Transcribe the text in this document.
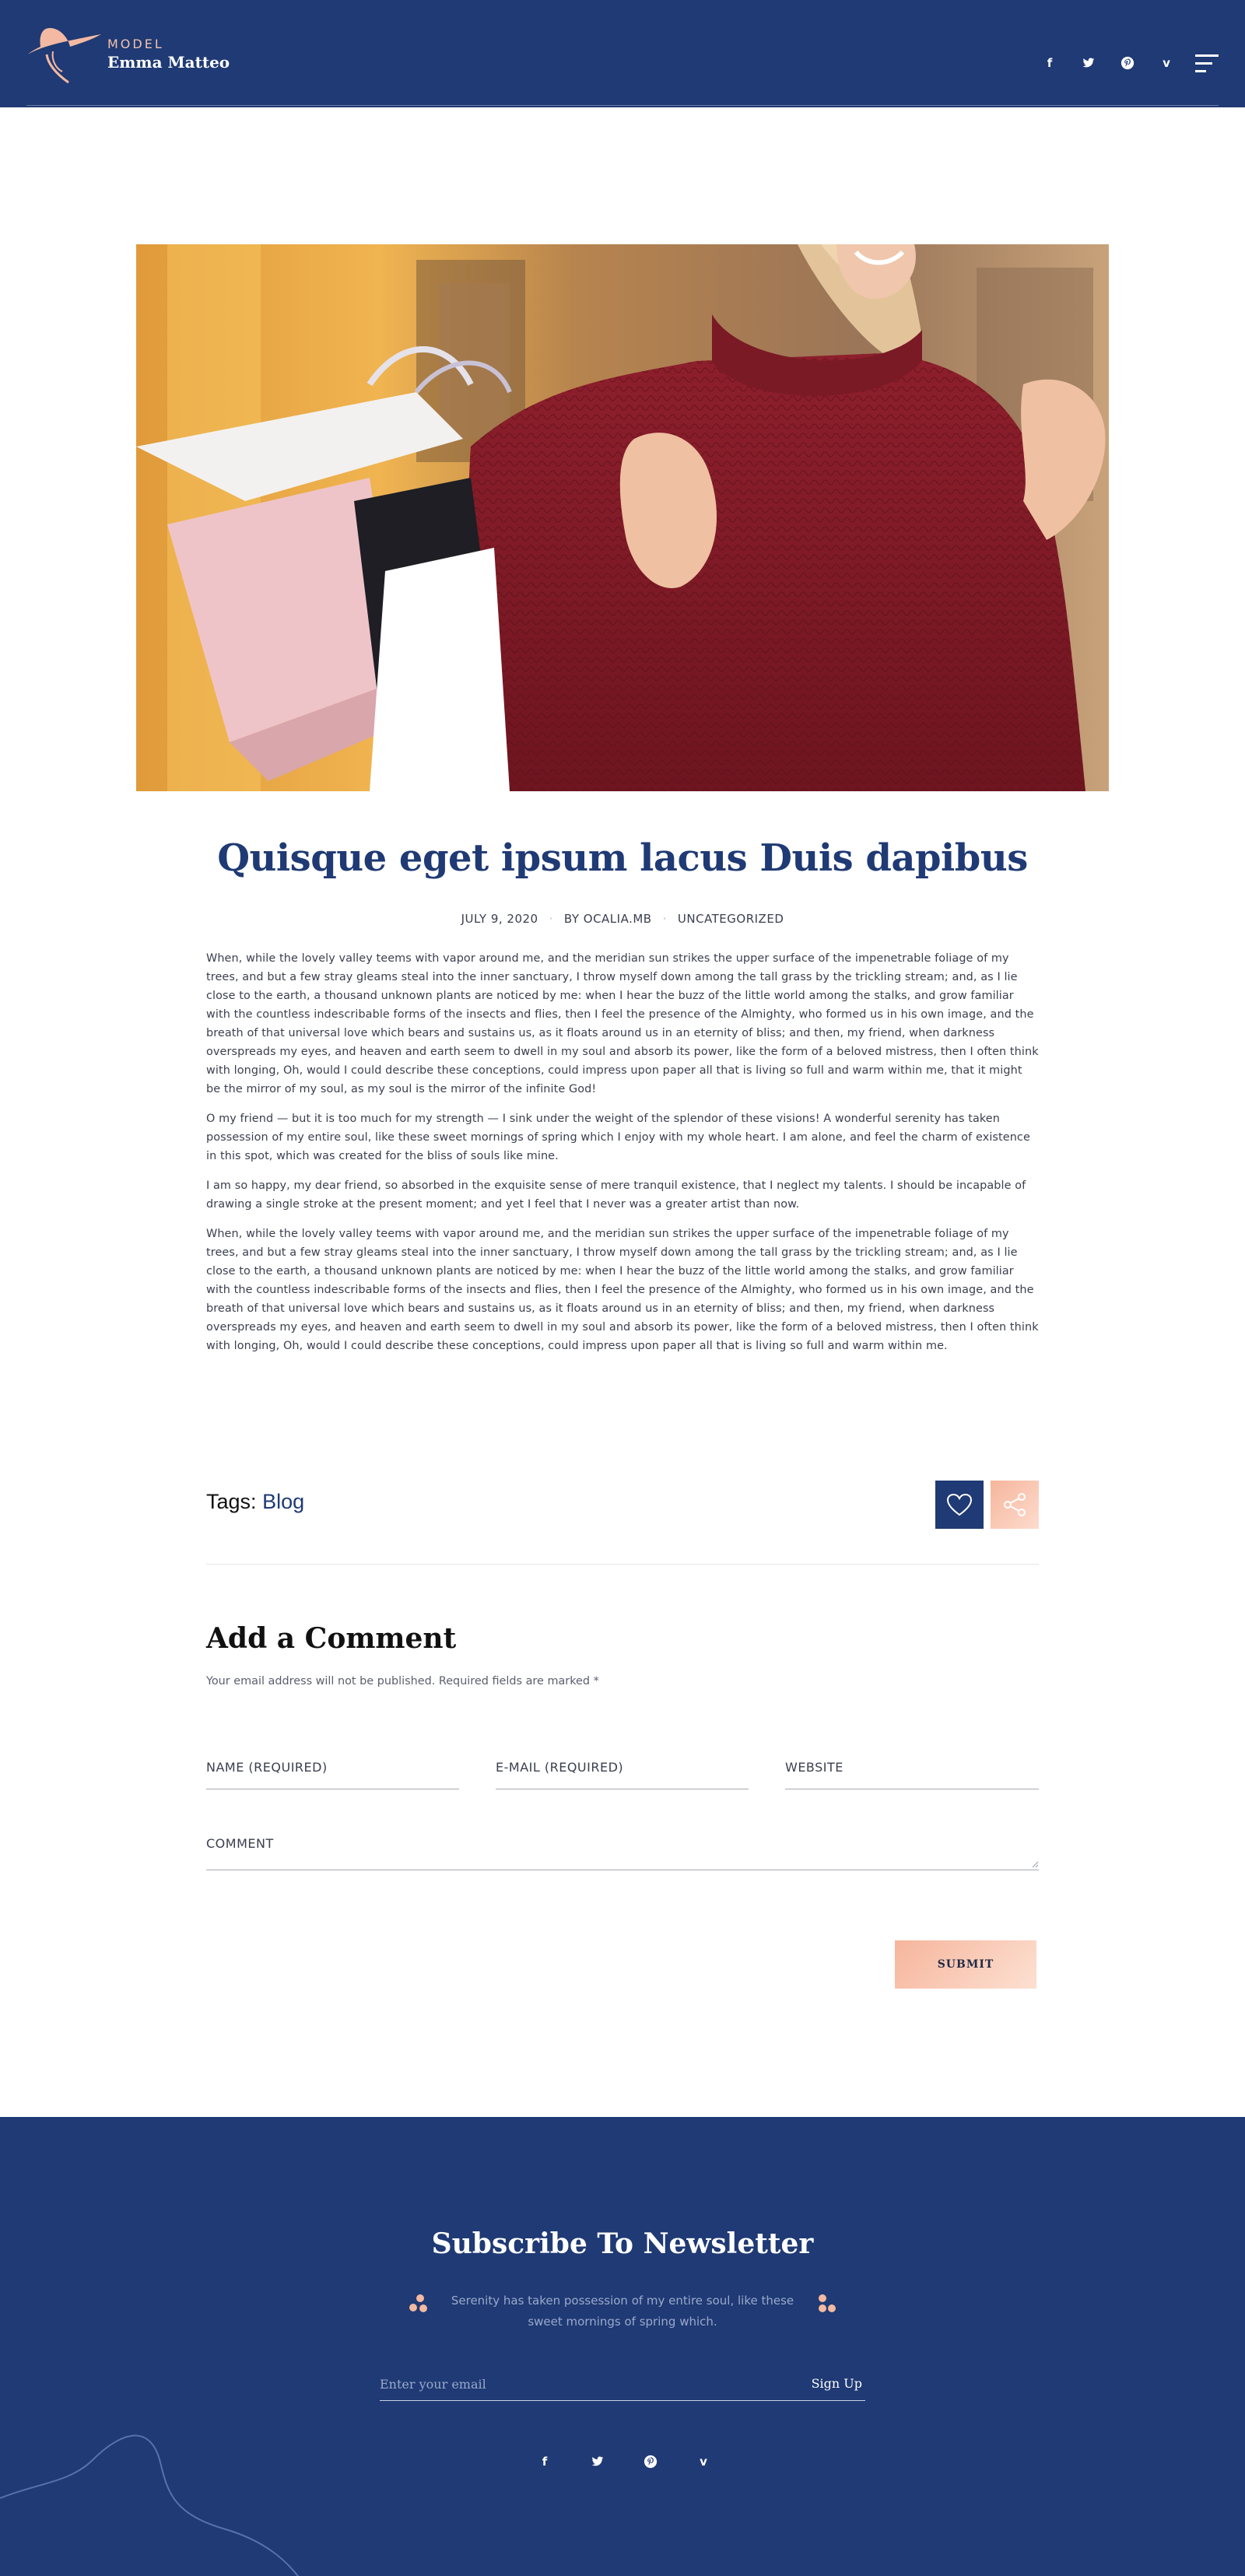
MODEL
Emma Matteo	f	v
Quisque eget ipsum lacus Duis dapibus
JULY 9, 2020 · BY OCALIA.MB · UNCATEGORIZED

When, while the lovely valley teems with vapor around me, and the meridian sun strikes the upper surface of the impenetrable foliage of my trees, and but a few stray gleams steal into the inner sanctuary, I throw myself down among the tall grass by the trickling stream; and, as I lie close to the earth, a thousand unknown plants are noticed by me: when I hear the buzz of the little world among the stalks, and grow familiar with the countless indescribable forms of the insects and flies, then I feel the presence of the Almighty, who formed us in his own image, and the breath of that universal love which bears and sustains us, as it floats around us in an eternity of bliss; and then, my friend, when darkness overspreads my eyes, and heaven and earth seem to dwell in my soul and absorb its power, like the form of a beloved mistress, then I often think with longing, Oh, would I could describe these conceptions, could impress upon paper all that is living so full and warm within me, that it might be the mirror of my soul, as my soul is the mirror of the infinite God!

O my friend — but it is too much for my strength — I sink under the weight of the splendor of these visions! A wonderful serenity has taken possession of my entire soul, like these sweet mornings of spring which I enjoy with my whole heart. I am alone, and feel the charm of existence in this spot, which was created for the bliss of souls like mine.

I am so happy, my dear friend, so absorbed in the exquisite sense of mere tranquil existence, that I neglect my talents. I should be incapable of drawing a single stroke at the present moment; and yet I feel that I never was a greater artist than now.

When, while the lovely valley teems with vapor around me, and the meridian sun strikes the upper surface of the impenetrable foliage of my trees, and but a few stray gleams steal into the inner sanctuary, I throw myself down among the tall grass by the trickling stream; and, as I lie close to the earth, a thousand unknown plants are noticed by me: when I hear the buzz of the little world among the stalks, and grow familiar with the countless indescribable forms of the insects and flies, then I feel the presence of the Almighty, who formed us in his own image, and the breath of that universal love which bears and sustains us, as it floats around us in an eternity of bliss; and then, my friend, when darkness overspreads my eyes, and heaven and earth seem to dwell in my soul and absorb its power, like the form of a beloved mistress, then I often think with longing, Oh, would I could describe these conceptions, could impress upon paper all that is living so full and warm within me.

Tags: Blog
Add a Comment

Your email address will not be published. Required fields are marked *

NAME (REQUIRED)
E-MAIL (REQUIRED)
WEBSITE
COMMENT
SUBMIT
Subscribe To Newsletter

Serenity has taken possession of my entire soul, like these sweet mornings of spring which.

Enter your email
Sign Up
f	v
